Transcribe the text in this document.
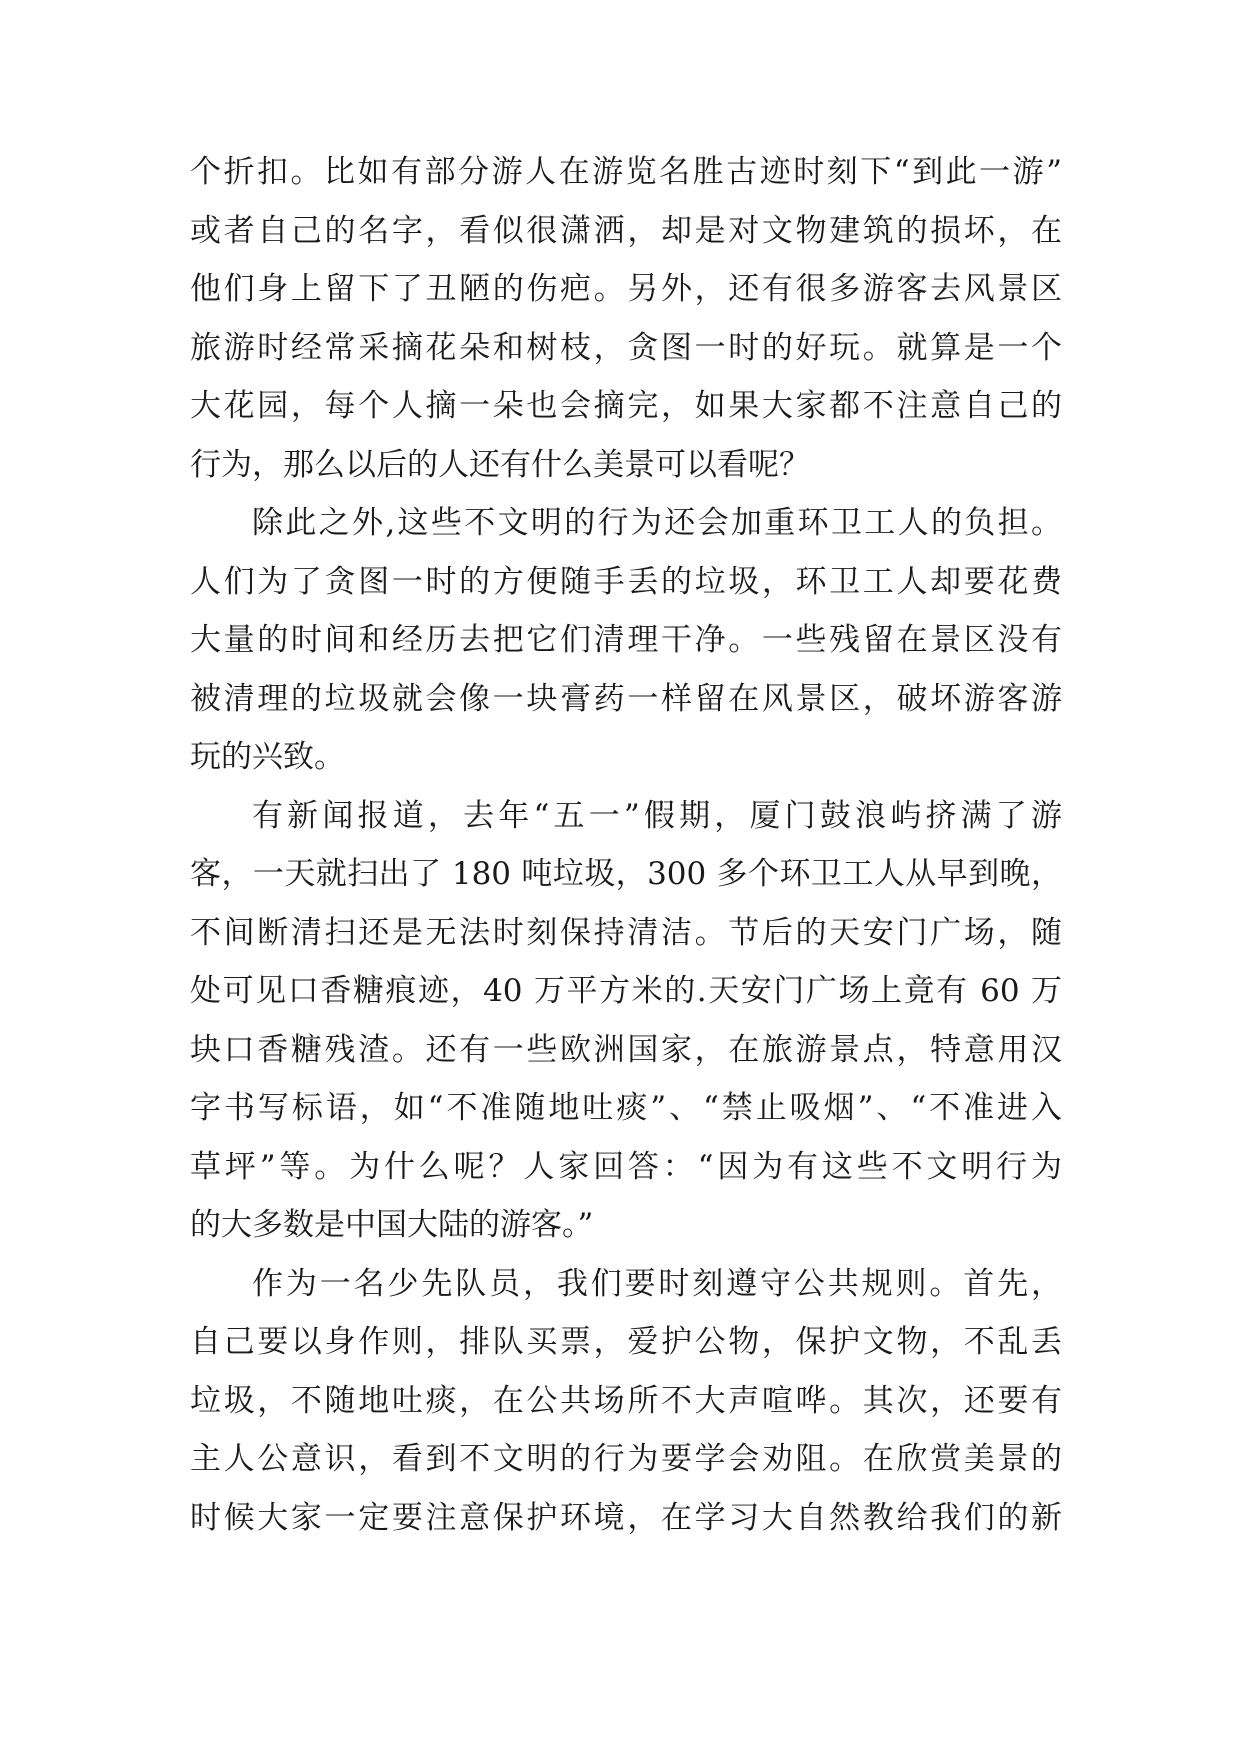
个折扣。比如有部分游人在游览名胜古迹时刻下“到此一游”
或者自己的名字，看似很潇洒，却是对文物建筑的损坏，在
他们身上留下了丑陋的伤疤。另外，还有很多游客去风景区
旅游时经常采摘花朵和树枝，贪图一时的好玩。就算是一个
大花园，每个人摘一朵也会摘完，如果大家都不注意自己的
行为，那么以后的人还有什么美景可以看呢？
除此之外,这些不文明的行为还会加重环卫工人的负担。
人们为了贪图一时的方便随手丢的垃圾，环卫工人却要花费
大量的时间和经历去把它们清理干净。一些残留在景区没有
被清理的垃圾就会像一块膏药一样留在风景区，破坏游客游
玩的兴致。
有新闻报道，去年“五一”假期，厦门鼓浪屿挤满了游
客，一天就扫出了 180 吨垃圾，300 多个环卫工人从早到晚，
不间断清扫还是无法时刻保持清洁。节后的天安门广场，随
处可见口香糖痕迹，40 万平方米的.天安门广场上竟有 60 万
块口香糖残渣。还有一些欧洲国家，在旅游景点，特意用汉
字书写标语，如“不准随地吐痰”、“禁止吸烟”、“不准进入
草坪”等。为什么呢？人家回答：“因为有这些不文明行为
的大多数是中国大陆的游客。”
作为一名少先队员，我们要时刻遵守公共规则。首先，
自己要以身作则，排队买票，爱护公物，保护文物，不乱丢
垃圾，不随地吐痰，在公共场所不大声喧哗。其次，还要有
主人公意识，看到不文明的行为要学会劝阻。在欣赏美景的
时候大家一定要注意保护环境，在学习大自然教给我们的新
